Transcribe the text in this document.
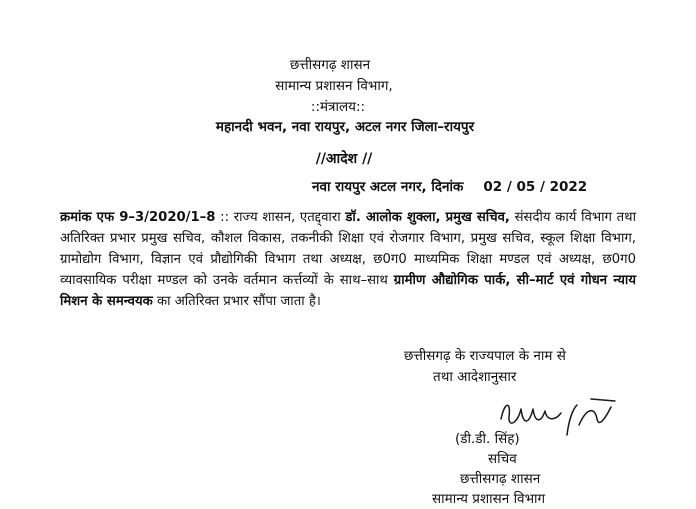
छत्तीसगढ़ शासन
सामान्य प्रशासन विभाग,
::मंत्रालय::
महानदी भवन, नवा रायपुर, अटल नगर जिला–रायपुर
//आदेश //
नवा रायपुर अटल नगर, दिनांक 02 / 05 / 2022
क्रमांक एफ 9–3/2020/1–8 :: राज्य शासन, एतद्द्वारा डॉ. आलोक शुक्ला, प्रमुख सचिव, संसदीय कार्य विभाग तथा अतिरिक्त प्रभार प्रमुख सचिव, कौशल विकास, तकनीकी शिक्षा एवं रोजगार विभाग, प्रमुख सचिव, स्कूल शिक्षा विभाग, ग्रामोद्योग विभाग, विज्ञान एवं प्रौद्योगिकी विभाग तथा अध्यक्ष, छ0ग0 माध्यमिक शिक्षा मण्डल एवं अध्यक्ष, छ0ग0 व्यावसायिक परीक्षा मण्डल को उनके वर्तमान कर्त्तव्यों के साथ–साथ ग्रामीण औद्योगिक पार्क, सी–मार्ट एवं गोधन न्याय मिशन के समन्वयक का अतिरिक्त प्रभार सौंपा जाता है।
छत्तीसगढ़ के राज्यपाल के नाम से
तथा आदेशानुसार
(डी.डी. सिंह)
सचिव
छत्तीसगढ़ शासन
सामान्य प्रशासन विभाग
